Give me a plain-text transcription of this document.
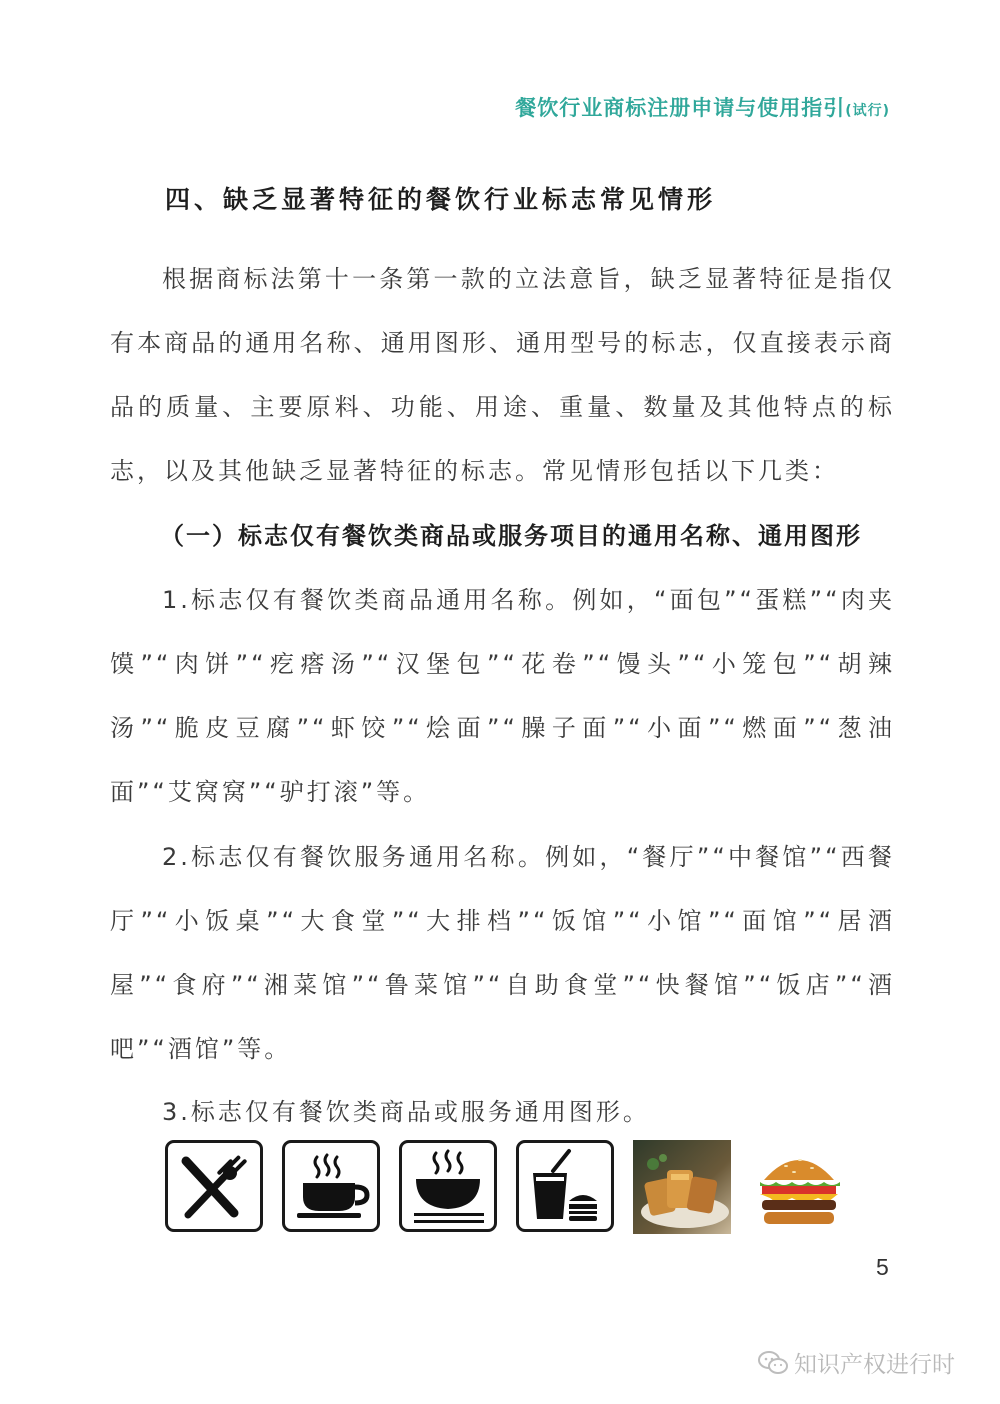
餐饮行业商标注册申请与使用指引(试行)
四、缺乏显著特征的餐饮行业标志常见情形

根据商标法第十一条第一款的立法意旨，缺乏显著特征是指仅有本商品的通用名称、通用图形、通用型号的标志，仅直接表示商品的质量、主要原料、功能、用途、重量、数量及其他特点的标志，以及其他缺乏显著特征的标志。常见情形包括以下几类：

（一）标志仅有餐饮类商品或服务项目的通用名称、通用图形

1.标志仅有餐饮类商品通用名称。例如，“面包”“蛋糕”“肉夹馍”“肉饼”“疙瘩汤”“汉堡包”“花卷”“馒头”“小笼包”“胡辣汤”“脆皮豆腐”“虾饺”“烩面”“臊子面”“小面”“燃面”“葱油面”“艾窝窝”“驴打滚”等。

2.标志仅有餐饮服务通用名称。例如，“餐厅”“中餐馆”“西餐厅”“小饭桌”“大食堂”“大排档”“饭馆”“小馆”“面馆”“居酒屋”“食府”“湘菜馆”“鲁菜馆”“自助食堂”“快餐馆”“饭店”“酒吧”“酒馆”等。

3.标志仅有餐饮类商品或服务通用图形。

5
知识产权进行时
